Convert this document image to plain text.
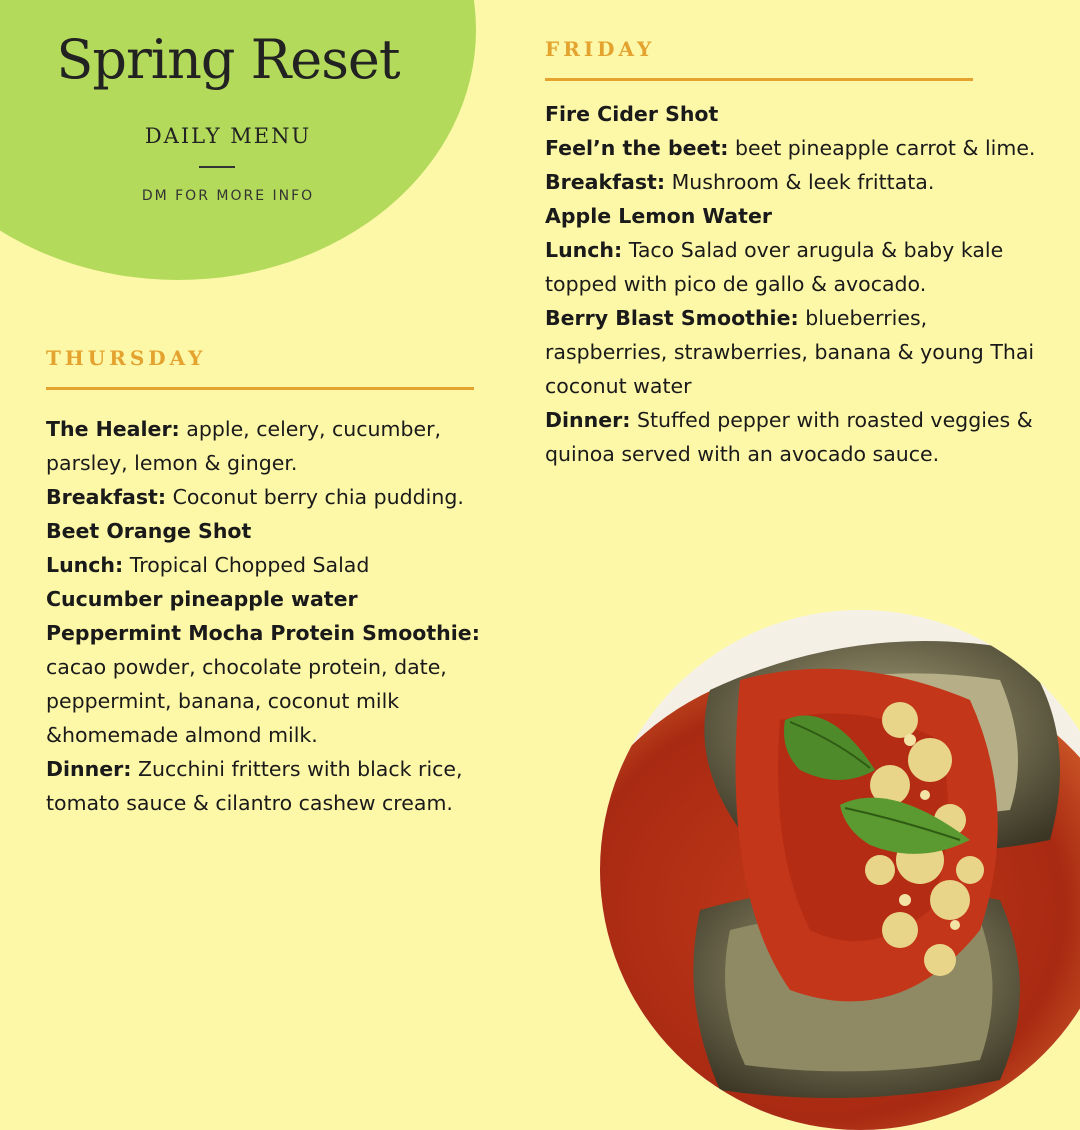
Spring Reset
DAILY MENU
DM FOR MORE INFO
THURSDAY

The Healer: apple, celery, cucumber, parsley, lemon & ginger.

Breakfast: Coconut berry chia pudding.

Beet Orange Shot

Lunch: Tropical Chopped Salad

Cucumber pineapple water

Peppermint Mocha Protein Smoothie: cacao powder, chocolate protein, date, peppermint, banana, coconut milk &homemade almond milk.

Dinner: Zucchini fritters with black rice, tomato sauce & cilantro cashew cream.

FRIDAY

Fire Cider Shot

Feel’n the beet: beet pineapple carrot & lime.

Breakfast: Mushroom & leek frittata.

Apple Lemon Water

Lunch: Taco Salad over arugula & baby kale topped with pico de gallo & avocado.

Berry Blast Smoothie: blueberries, raspberries, strawberries, banana & young Thai coconut water

Dinner: Stuffed pepper with roasted veggies & quinoa served with an avocado sauce.
